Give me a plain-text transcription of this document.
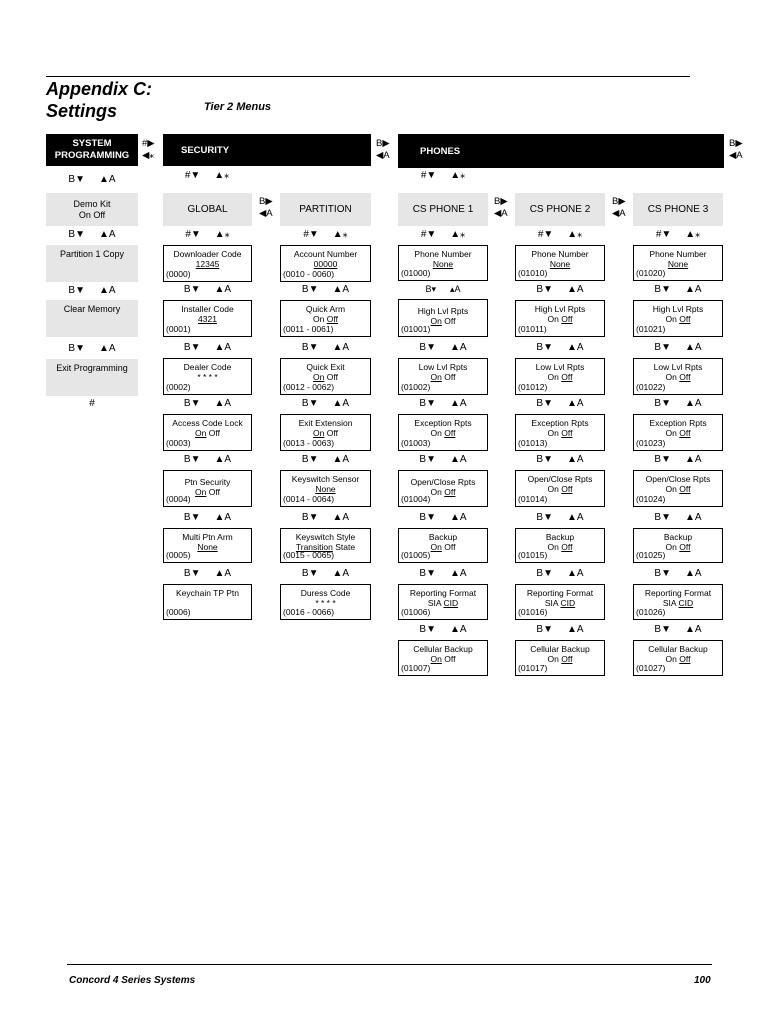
Appendix C:
Settings	Tier 2 Menus
SYSTEM PROGRAMMING
#▶
◀⁎
B▼ ▲A
Demo Kit
On Off
B▼ ▲A
Partition 1 Copy
B▼ ▲A
Clear Memory
B▼ ▲A
Exit Programming
#
SECURITY
B▶
◀A
#▼ ▲⁎
GLOBAL
B▶
◀A
#▼ ▲⁎
PARTITION
#▼ ▲⁎
Downloader Code
12345
(0000)
B▼ ▲A
Installer Code
4321
(0001)
B▼ ▲A
Dealer Code
* * * *
(0002)
B▼ ▲A
Access Code Lock
On Off
(0003)
B▼ ▲A
Ptn Security
On Off
(0004)
B▼ ▲A
Multi Ptn Arm
None
(0005)
B▼ ▲A
Keychain TP Ptn
(0006)
Account Number
00000
(0010 - 0060)
B▼ ▲A
Quick Arm
On Off
(0011 - 0061)
B▼ ▲A
Quick Exit
On Off
(0012 - 0062)
B▼ ▲A
Exit Extension
On Off
(0013 - 0063)
B▼ ▲A
Keyswitch Sensor
None
(0014 - 0064)
B▼ ▲A
Keyswitch Style
Transition State
(0015 - 0065)
B▼ ▲A
Duress Code
* * * *
(0016 - 0066)
PHONES
B▶
◀A
#▼ ▲⁎
CS PHONE 1
B▶
◀A CS PHONE 2
B▶
◀A CS PHONE 3
#▼ ▲⁎	#▼ ▲⁎	#▼ ▲⁎
Phone Number
None
(01000)
B▾ ▴A
High Lvl Rpts
On Off
(01001)
B▼ ▲A
Low Lvl Rpts
On Off
(01002)
B▼ ▲A
Exception Rpts
On Off
(01003)
B▼ ▲A
Open/Close Rpts
On Off
(01004)
B▼ ▲A
Backup
On Off
(01005)
B▼ ▲A
Reporting Format
SIA CID
(01006)
B▼ ▲A
Cellular Backup
On Off
(01007)
Phone Number
None
(01010)
B▼ ▲A
High Lvl Rpts
On Off
(01011)
B▼ ▲A
Low Lvl Rpts
On Off
(01012)
B▼ ▲A
Exception Rpts
On Off
(01013)
B▼ ▲A
Open/Close Rpts
On Off
(01014)
B▼ ▲A
Backup
On Off
(01015)
B▼ ▲A
Reporting Format
SIA CID
(01016)
B▼ ▲A
Cellular Backup
On Off
(01017)
Phone Number
None
(01020)
B▼ ▲A
High Lvl Rpts
On Off
(01021)
B▼ ▲A
Low Lvl Rpts
On Off
(01022)
B▼ ▲A
Exception Rpts
On Off
(01023)
B▼ ▲A
Open/Close Rpts
On Off
(01024)
B▼ ▲A
Backup
On Off
(01025)
B▼ ▲A
Reporting Format
SIA CID
(01026)
B▼ ▲A
Cellular Backup
On Off
(01027)
Concord 4 Series Systems	100
